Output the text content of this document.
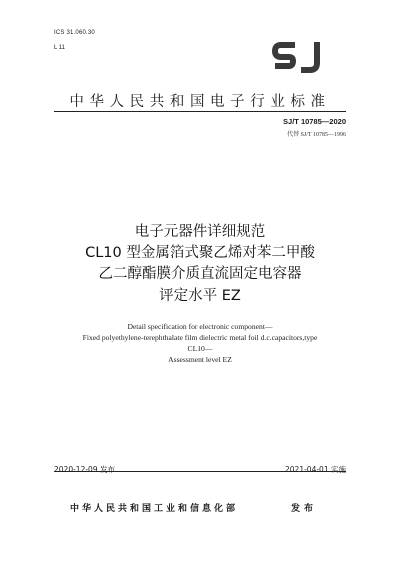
ICS 31.060.30
L 11
SJ
中华人民共和国电子行业标准
SJ/T 10785—2020
代替 SJ/T 10785—1996
电子元器件详细规范
CL10 型金属箔式聚乙烯对苯二甲酸
乙二醇酯膜介质直流固定电容器
评定水平 EZ
Detail specification for electronic component—
Fixed polyethylene-terephthalate film dielectric metal foil d.c.capacitors,type
CL10—
Assessment level EZ
2020-12-09 发布	2021-04-01 实施
中华人民共和国工业和信息化部	发布
